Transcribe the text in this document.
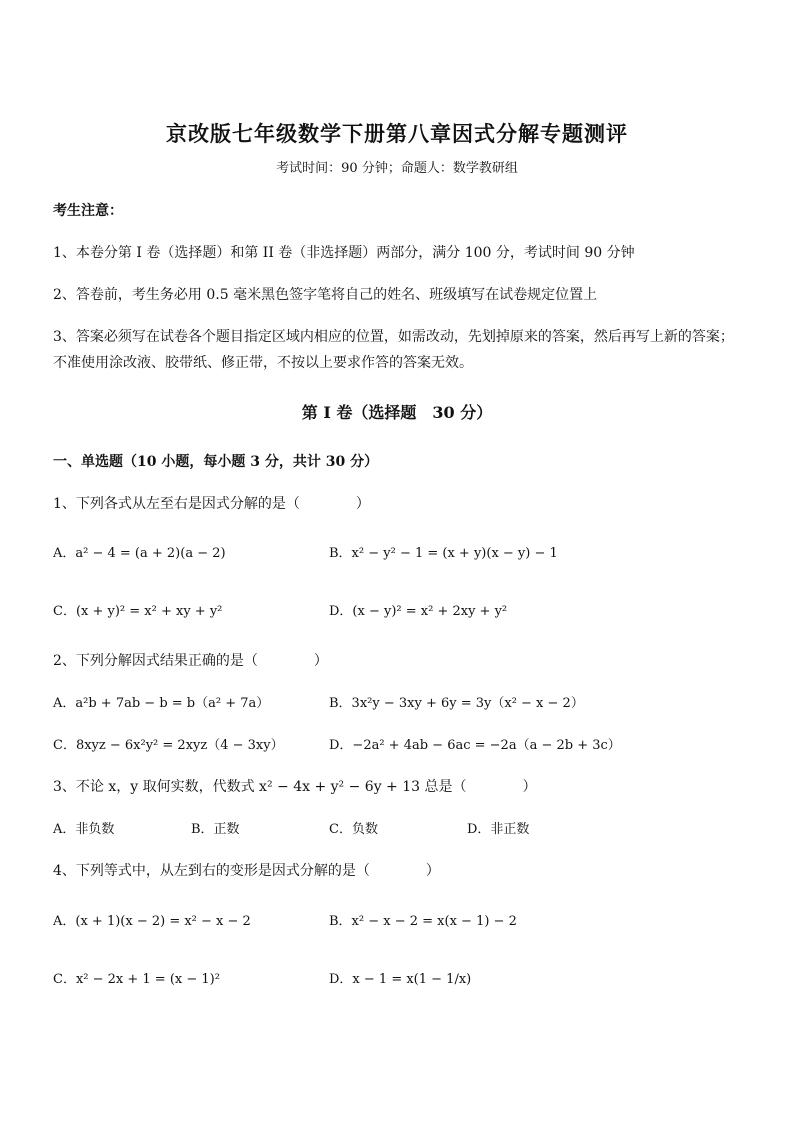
京改版七年级数学下册第八章因式分解专题测评
考试时间：90 分钟；命题人：数学教研组
考生注意：
1、本卷分第 I 卷（选择题）和第 II 卷（非选择题）两部分，满分 100 分，考试时间 90 分钟
2、答卷前，考生务必用 0.5 毫米黑色签字笔将自己的姓名、班级填写在试卷规定位置上
3、答案必须写在试卷各个题目指定区域内相应的位置，如需改动，先划掉原来的答案，然后再写上新的答案；不准使用涂改液、胶带纸、修正带，不按以上要求作答的答案无效。
第 I 卷（选择题　30 分）
一、单选题（10 小题，每小题 3 分，共计 30 分）
1、下列各式从左至右是因式分解的是（　　　　）
A．a² − 4 = (a + 2)(a − 2)	B．x² − y² − 1 = (x + y)(x − y) − 1
C．(x + y)² = x² + xy + y²	D．(x − y)² = x² + 2xy + y²
2、下列分解因式结果正确的是（　　　　）
A．a²b + 7ab − b = b（a² + 7a）	B．3x²y − 3xy + 6y = 3y（x² − x − 2）
C．8xyz − 6x²y² = 2xyz（4 − 3xy）	D．−2a² + 4ab − 6ac = −2a（a − 2b + 3c）
3、不论 x，y 取何实数，代数式 x² − 4x + y² − 6y + 13 总是（　　　　）
A．非负数	B．正数	C．负数	D．非正数
4、下列等式中，从左到右的变形是因式分解的是（　　　　）
A．(x + 1)(x − 2) = x² − x − 2	B．x² − x − 2 = x(x − 1) − 2
C．x² − 2x + 1 = (x − 1)²	D．x − 1 = x(1 − 1/x)
